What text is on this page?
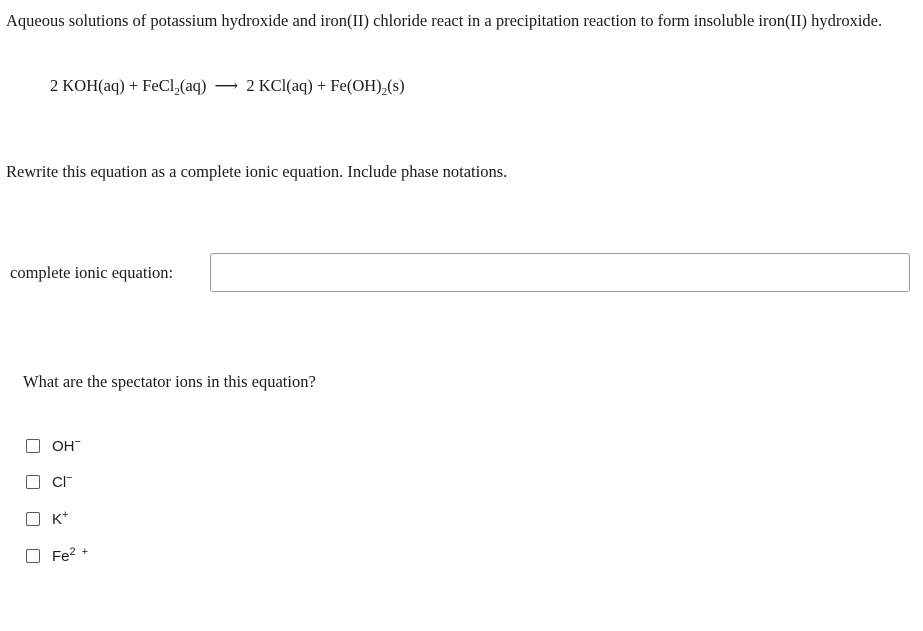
Aqueous solutions of potassium hydroxide and iron(II) chloride react in a precipitation reaction to form insoluble iron(II) hydroxide.
2 KOH(aq) + FeCl$_2$(aq) ⟶ 2 $KCl(aq) + Fe(OH)_2(s)$
Rewrite this equation as a complete ionic equation. Include phase notations.
complete ionic equation:
What are the spectator ions in this equation?
OH−
Cl−
K+
Fe$^2$ +
